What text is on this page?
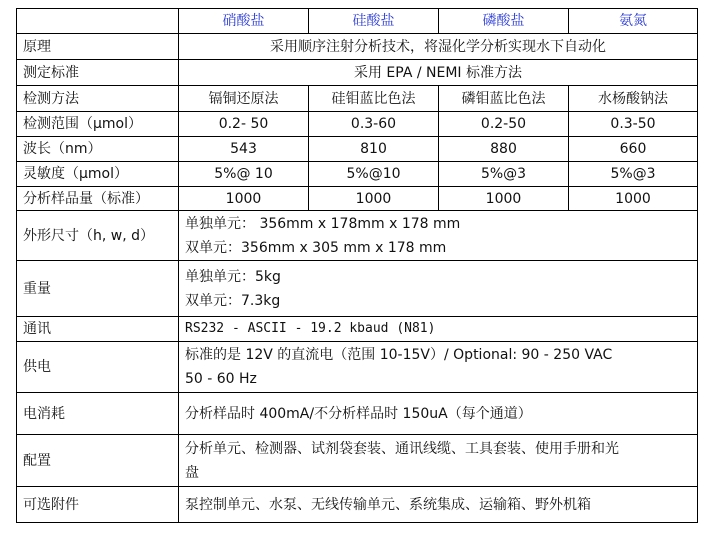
	硝酸盐	硅酸盐	磷酸盐	氨氮
原理	采用顺序注射分析技术，将湿化学分析实现水下自动化			
测定标准	采用 EPA / NEMI 标准方法			
检测方法	镉铜还原法	硅钼蓝比色法	磷钼蓝比色法	水杨酸钠法
检测范围（µmol）	0.2- 50	0.3-60	0.2-50	0.3-50
波长（nm）	543	810	880	660
灵敏度（µmol）	5%@ 10	5%@10	5%@3	5%@3
分析样品量（标准）	1000	1000	1000	1000
外形尺寸（h, w, d）	单独单元： 356mm x 178mm x 178 mm
双单元：356mm x 305 mm x 178 mm			

重量	单独单元：5kg
双单元：7.3kg			

通讯	RS232 - ASCII - 19.2 kbaud (N81)			
供电	标准的是 12V 的直流电（范围 10-15V）/ Optional: 90 - 250 VAC
50 - 60 Hz			

电消耗	分析样品时 400mA/不分析样品时 150uA（每个通道）			

配置	分析单元、检测器、试剂袋套装、通讯线缆、工具套装、使用手册和光
盘			

可选附件	泵控制单元、水泵、无线传输单元、系统集成、运输箱、野外机箱			
